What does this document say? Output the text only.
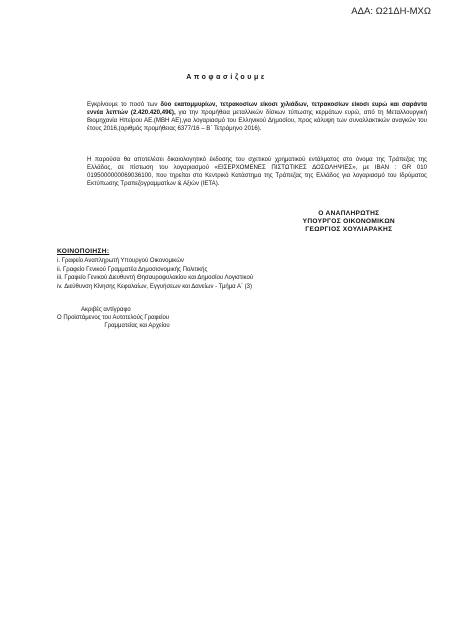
ΑΔΑ: Ω21ΔΗ-ΜΧΩ
Αποφασίζουμε

Εγκρίνουμε το ποσό των δύο εκατομμυρίων, τετρακοσίων είκοσι χιλιάδων, τετρακοσίων είκοσι ευρώ και σαράντα εννέα λεπτών (2.420.420,49€), για την προμήθεια μεταλλικών δίσκων τύπωσης κερμάτων ευρώ, από τη Μεταλλουργική Βιομηχανία Ηπείρου ΑΕ.(ΜΒΗ ΑΕ),για λογαριασμό του Ελληνικού Δημοσίου, προς κάλυψη των συναλλακτικών αναγκών του έτους 2016,(αριθμός προμήθειας 6377/16 – Β΄ Τετράμηνο 2016).

Η παρούσα θα αποτελέσει δικαιολογητικό έκδοσης του σχετικού χρηματικού εντάλματος στο όνομα της Τράπεζας της Ελλάδος, σε πίστωση του λογαριασμού «ΕΙΣΕΡΧΟΜΕΝΕΣ ΠΙΣΤΩΤΙΚΕΣ ΔΟΣΟΛΗΨΙΕΣ», με ΙΒΑΝ : GR 010 0195000000069036100, που τηρείται στο Κεντρικό Κατάστημα της Τράπεζας της Ελλάδος για λογαριασμό του Ιδρύματος Εκτύπωσης Τραπεζογραμματίων & Αξιών (ΙΕΤΑ).

Ο ΑΝΑΠΛΗΡΩΤΗΣ
ΥΠΟΥΡΓΟΣ ΟΙΚΟΝΟΜΙΚΩΝ
ΓΕΩΡΓΙΟΣ ΧΟΥΛΙΑΡΑΚΗΣ
ΚΟΙΝΟΠΟΙΗΣΗ:
i. Γραφείο Αναπληρωτή Υπουργού Οικονομικών
ii. Γραφείο Γενικού Γραμματέα Δημοσιονομικής Πολιτικής
iii. Γραφείο Γενικού Διευθυντή Θησαυροφυλακίου και Δημοσίου Λογιστικού
iv. Διεύθυνση Κίνησης Κεφαλαίων, Εγγυήσεων και Δανείων - Τμήμα Α΄ (3)
Ακριβές αντίγραφο
Ο Προϊστάμενος του Αυτοτελούς Γραφείου
Γραμματείας και Αρχείου
